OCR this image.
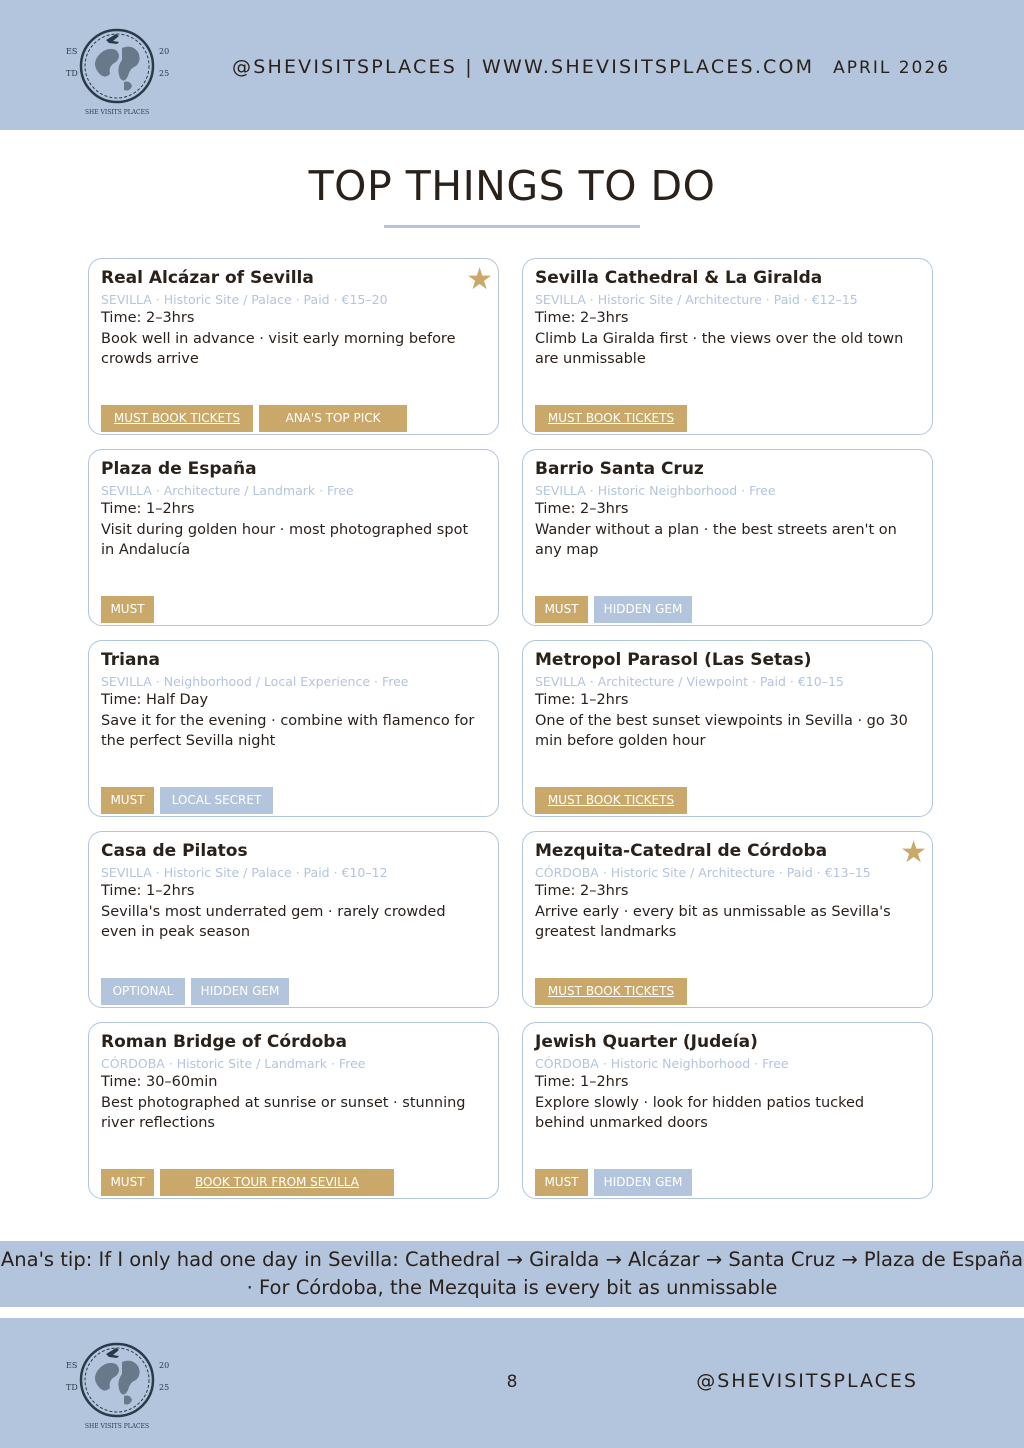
ES
TD
20
25
SHE VISITS PLACES
@SHEVISITSPLACES | WWW.SHEVISITSPLACES.COM APRIL 2026
TOP THINGS TO DO
Real Alcázar of Sevilla
SEVILLA · Historic Site / Palace · Paid · €15–20
Time: 2–3hrs
Book well in advance · visit early morning before crowds arrive
★
MUST BOOK TICKETS	ANA'S TOP PICK
Sevilla Cathedral & La Giralda
SEVILLA · Historic Site / Architecture · Paid · €12–15
Time: 2–3hrs
Climb La Giralda first · the views over the old town are unmissable
MUST BOOK TICKETS
Plaza de España
SEVILLA · Architecture / Landmark · Free
Time: 1–2hrs
Visit during golden hour · most photographed spot in Andalucía
MUST
Barrio Santa Cruz
SEVILLA · Historic Neighborhood · Free
Time: 2–3hrs
Wander without a plan · the best streets aren't on any map
MUST	HIDDEN GEM
Triana
SEVILLA · Neighborhood / Local Experience · Free
Time: Half Day
Save it for the evening · combine with flamenco for the perfect Sevilla night
MUST	LOCAL SECRET
Metropol Parasol (Las Setas)
SEVILLA · Architecture / Viewpoint · Paid · €10–15
Time: 1–2hrs
One of the best sunset viewpoints in Sevilla · go 30 min before golden hour
MUST BOOK TICKETS
Casa de Pilatos
SEVILLA · Historic Site / Palace · Paid · €10–12
Time: 1–2hrs
Sevilla's most underrated gem · rarely crowded even in peak season
OPTIONAL	HIDDEN GEM
Mezquita-Catedral de Córdoba
CÓRDOBA · Historic Site / Architecture · Paid · €13–15
Time: 2–3hrs
Arrive early · every bit as unmissable as Sevilla's greatest landmarks
★
MUST BOOK TICKETS
Roman Bridge of Córdoba
CÓRDOBA · Historic Site / Landmark · Free
Time: 30–60min
Best photographed at sunrise or sunset · stunning river reflections
MUST	BOOK TOUR FROM SEVILLA
Jewish Quarter (Judeía)
CÓRDOBA · Historic Neighborhood · Free
Time: 1–2hrs
Explore slowly · look for hidden patios tucked behind unmarked doors
MUST	HIDDEN GEM
Ana's tip: If I only had one day in Sevilla: Cathedral → Giralda → Alcázar → Santa Cruz → Plaza de España · For Córdoba, the Mezquita is every bit as unmissable
ES
TD
20
25
SHE VISITS PLACES
8	@SHEVISITSPLACES
